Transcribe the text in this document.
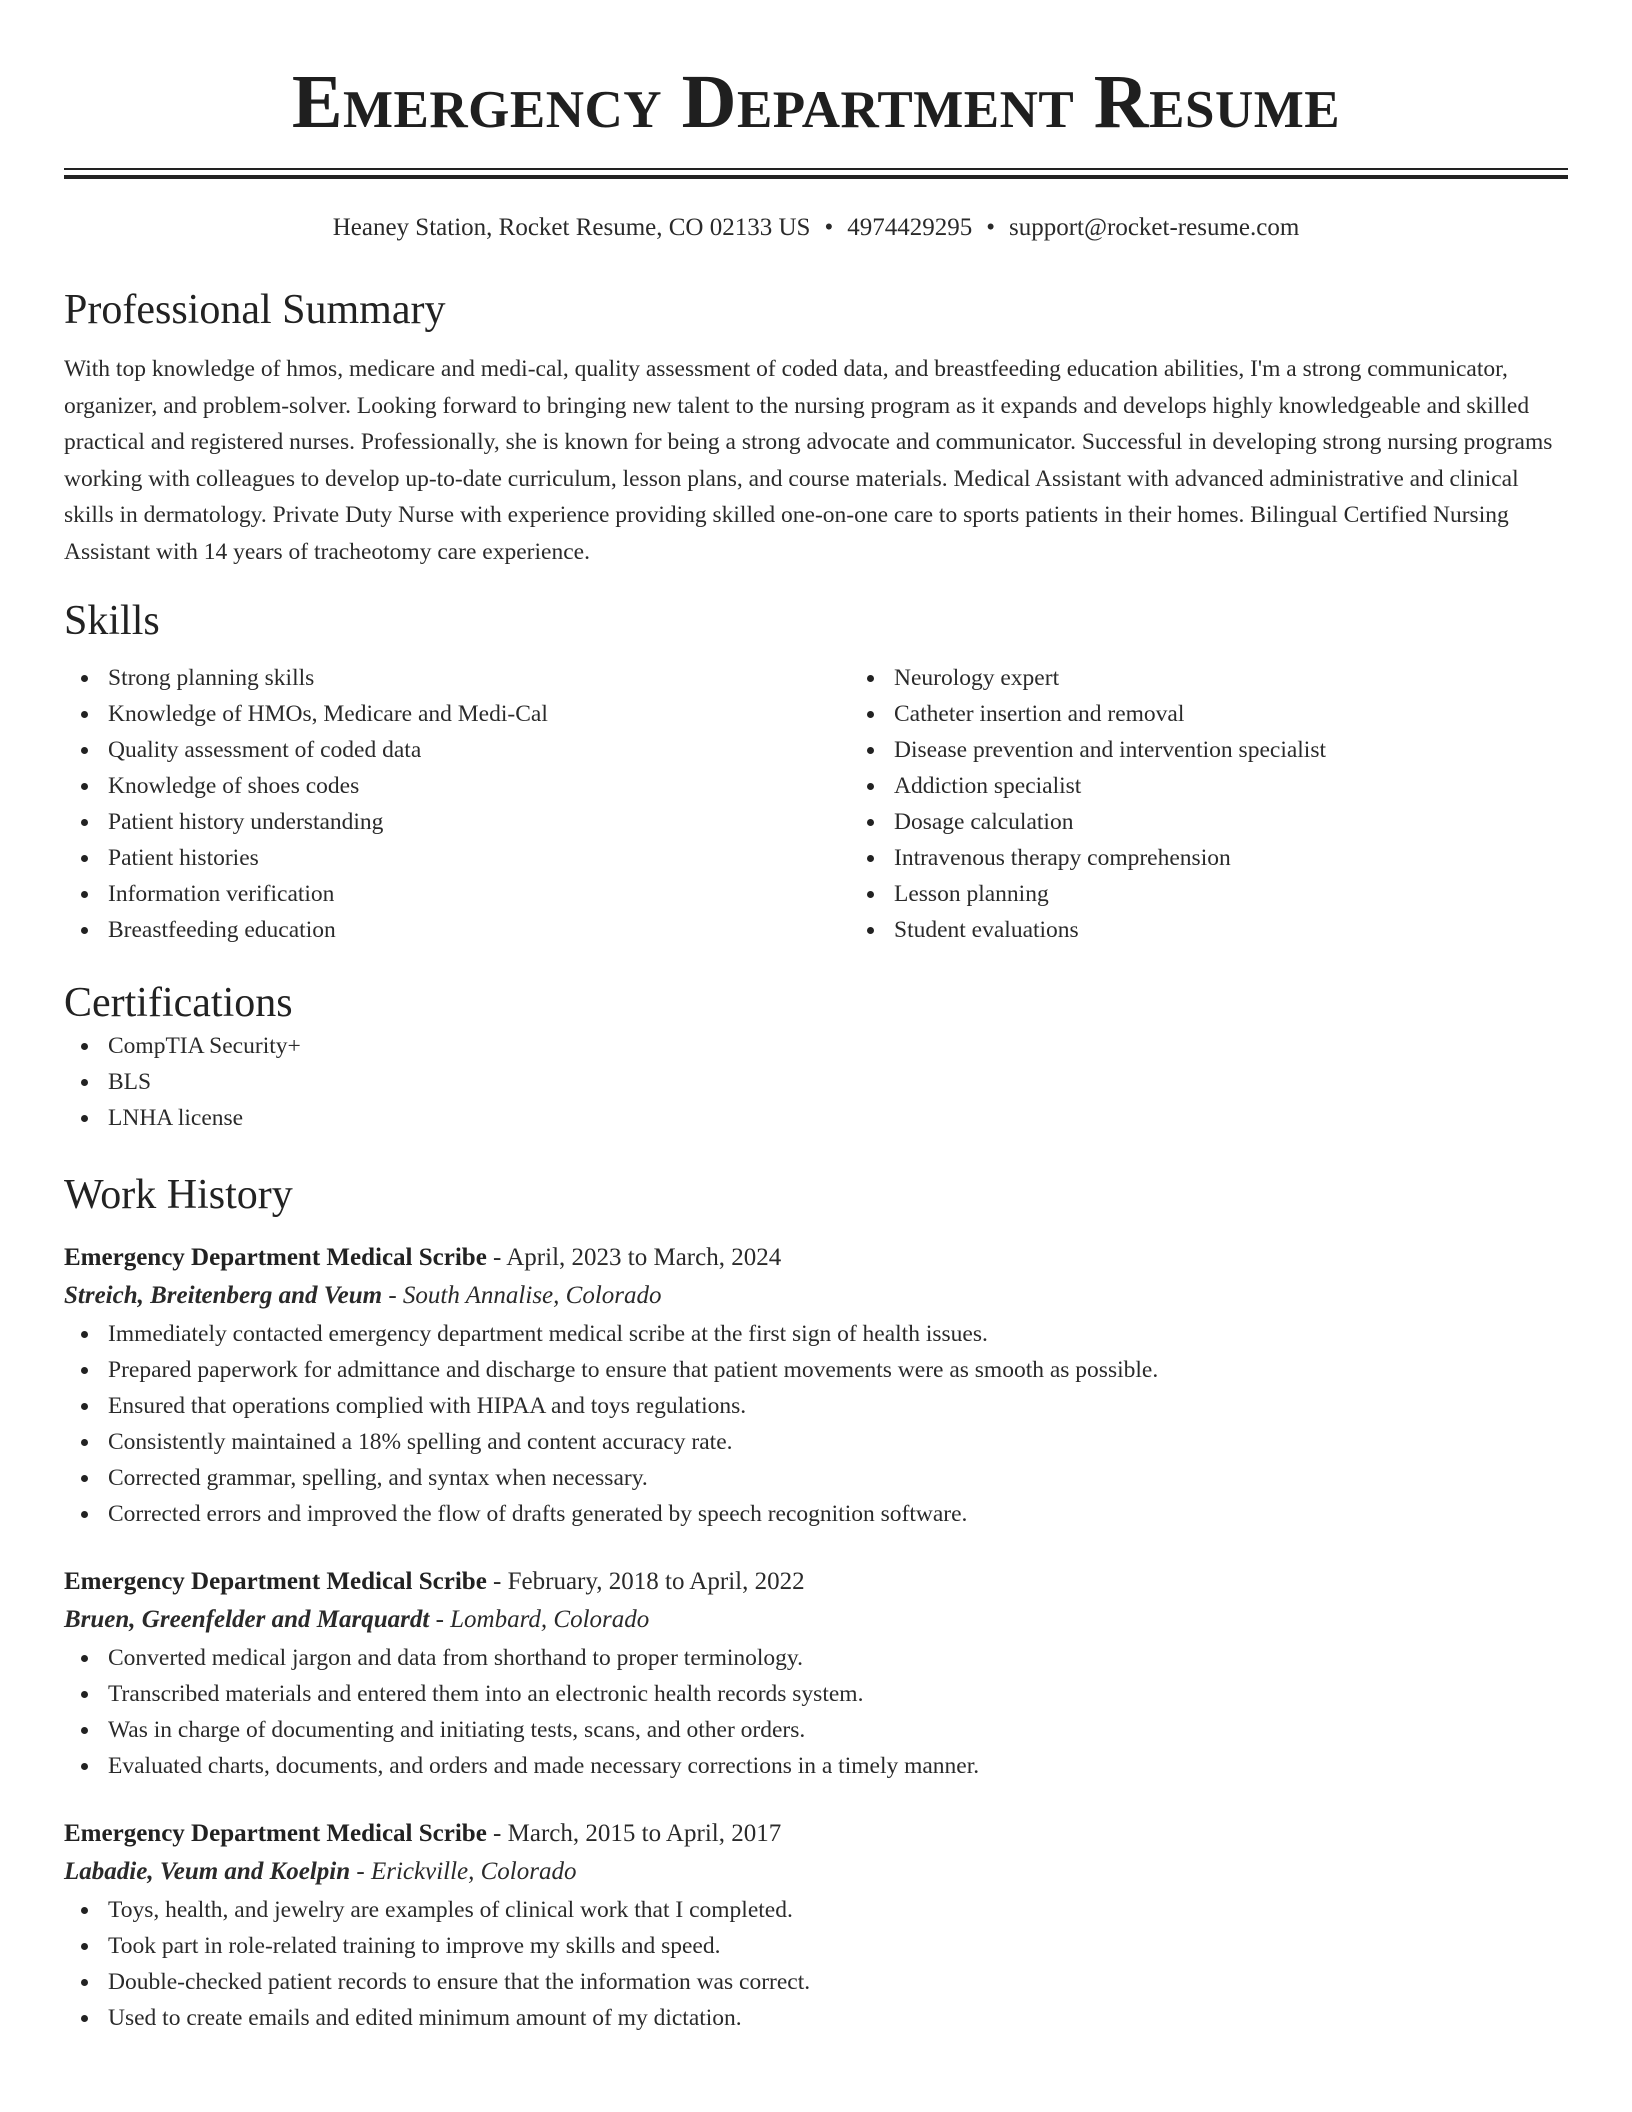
Emergency Department Resume
Heaney Station, Rocket Resume, CO 02133 US • 4974429295 • support@rocket-resume.com
Professional Summary
With top knowledge of hmos, medicare and medi-cal, quality assessment of coded data, and breastfeeding education abilities, I'm a strong communicator, organizer, and problem-solver. Looking forward to bringing new talent to the nursing program as it expands and develops highly knowledgeable and skilled practical and registered nurses. Professionally, she is known for being a strong advocate and communicator. Successful in developing strong nursing programs working with colleagues to develop up-to-date curriculum, lesson plans, and course materials. Medical Assistant with advanced administrative and clinical skills in dermatology. Private Duty Nurse with experience providing skilled one-on-one care to sports patients in their homes. Bilingual Certified Nursing Assistant with 14 years of tracheotomy care experience.
Skills
Strong planning skills
Knowledge of HMOs, Medicare and Medi-Cal
Quality assessment of coded data
Knowledge of shoes codes
Patient history understanding
Patient histories
Information verification
Breastfeeding education
Neurology expert
Catheter insertion and removal
Disease prevention and intervention specialist
Addiction specialist
Dosage calculation
Intravenous therapy comprehension
Lesson planning
Student evaluations
Certifications
CompTIA Security+
BLS
LNHA license
Work History
Emergency Department Medical Scribe - April, 2023 to March, 2024
Streich, Breitenberg and Veum - South Annalise, Colorado
Immediately contacted emergency department medical scribe at the first sign of health issues.
Prepared paperwork for admittance and discharge to ensure that patient movements were as smooth as possible.
Ensured that operations complied with HIPAA and toys regulations.
Consistently maintained a 18% spelling and content accuracy rate.
Corrected grammar, spelling, and syntax when necessary.
Corrected errors and improved the flow of drafts generated by speech recognition software.
Emergency Department Medical Scribe - February, 2018 to April, 2022
Bruen, Greenfelder and Marquardt - Lombard, Colorado
Converted medical jargon and data from shorthand to proper terminology.
Transcribed materials and entered them into an electronic health records system.
Was in charge of documenting and initiating tests, scans, and other orders.
Evaluated charts, documents, and orders and made necessary corrections in a timely manner.
Emergency Department Medical Scribe - March, 2015 to April, 2017
Labadie, Veum and Koelpin - Erickville, Colorado
Toys, health, and jewelry are examples of clinical work that I completed.
Took part in role-related training to improve my skills and speed.
Double-checked patient records to ensure that the information was correct.
Used to create emails and edited minimum amount of my dictation.
